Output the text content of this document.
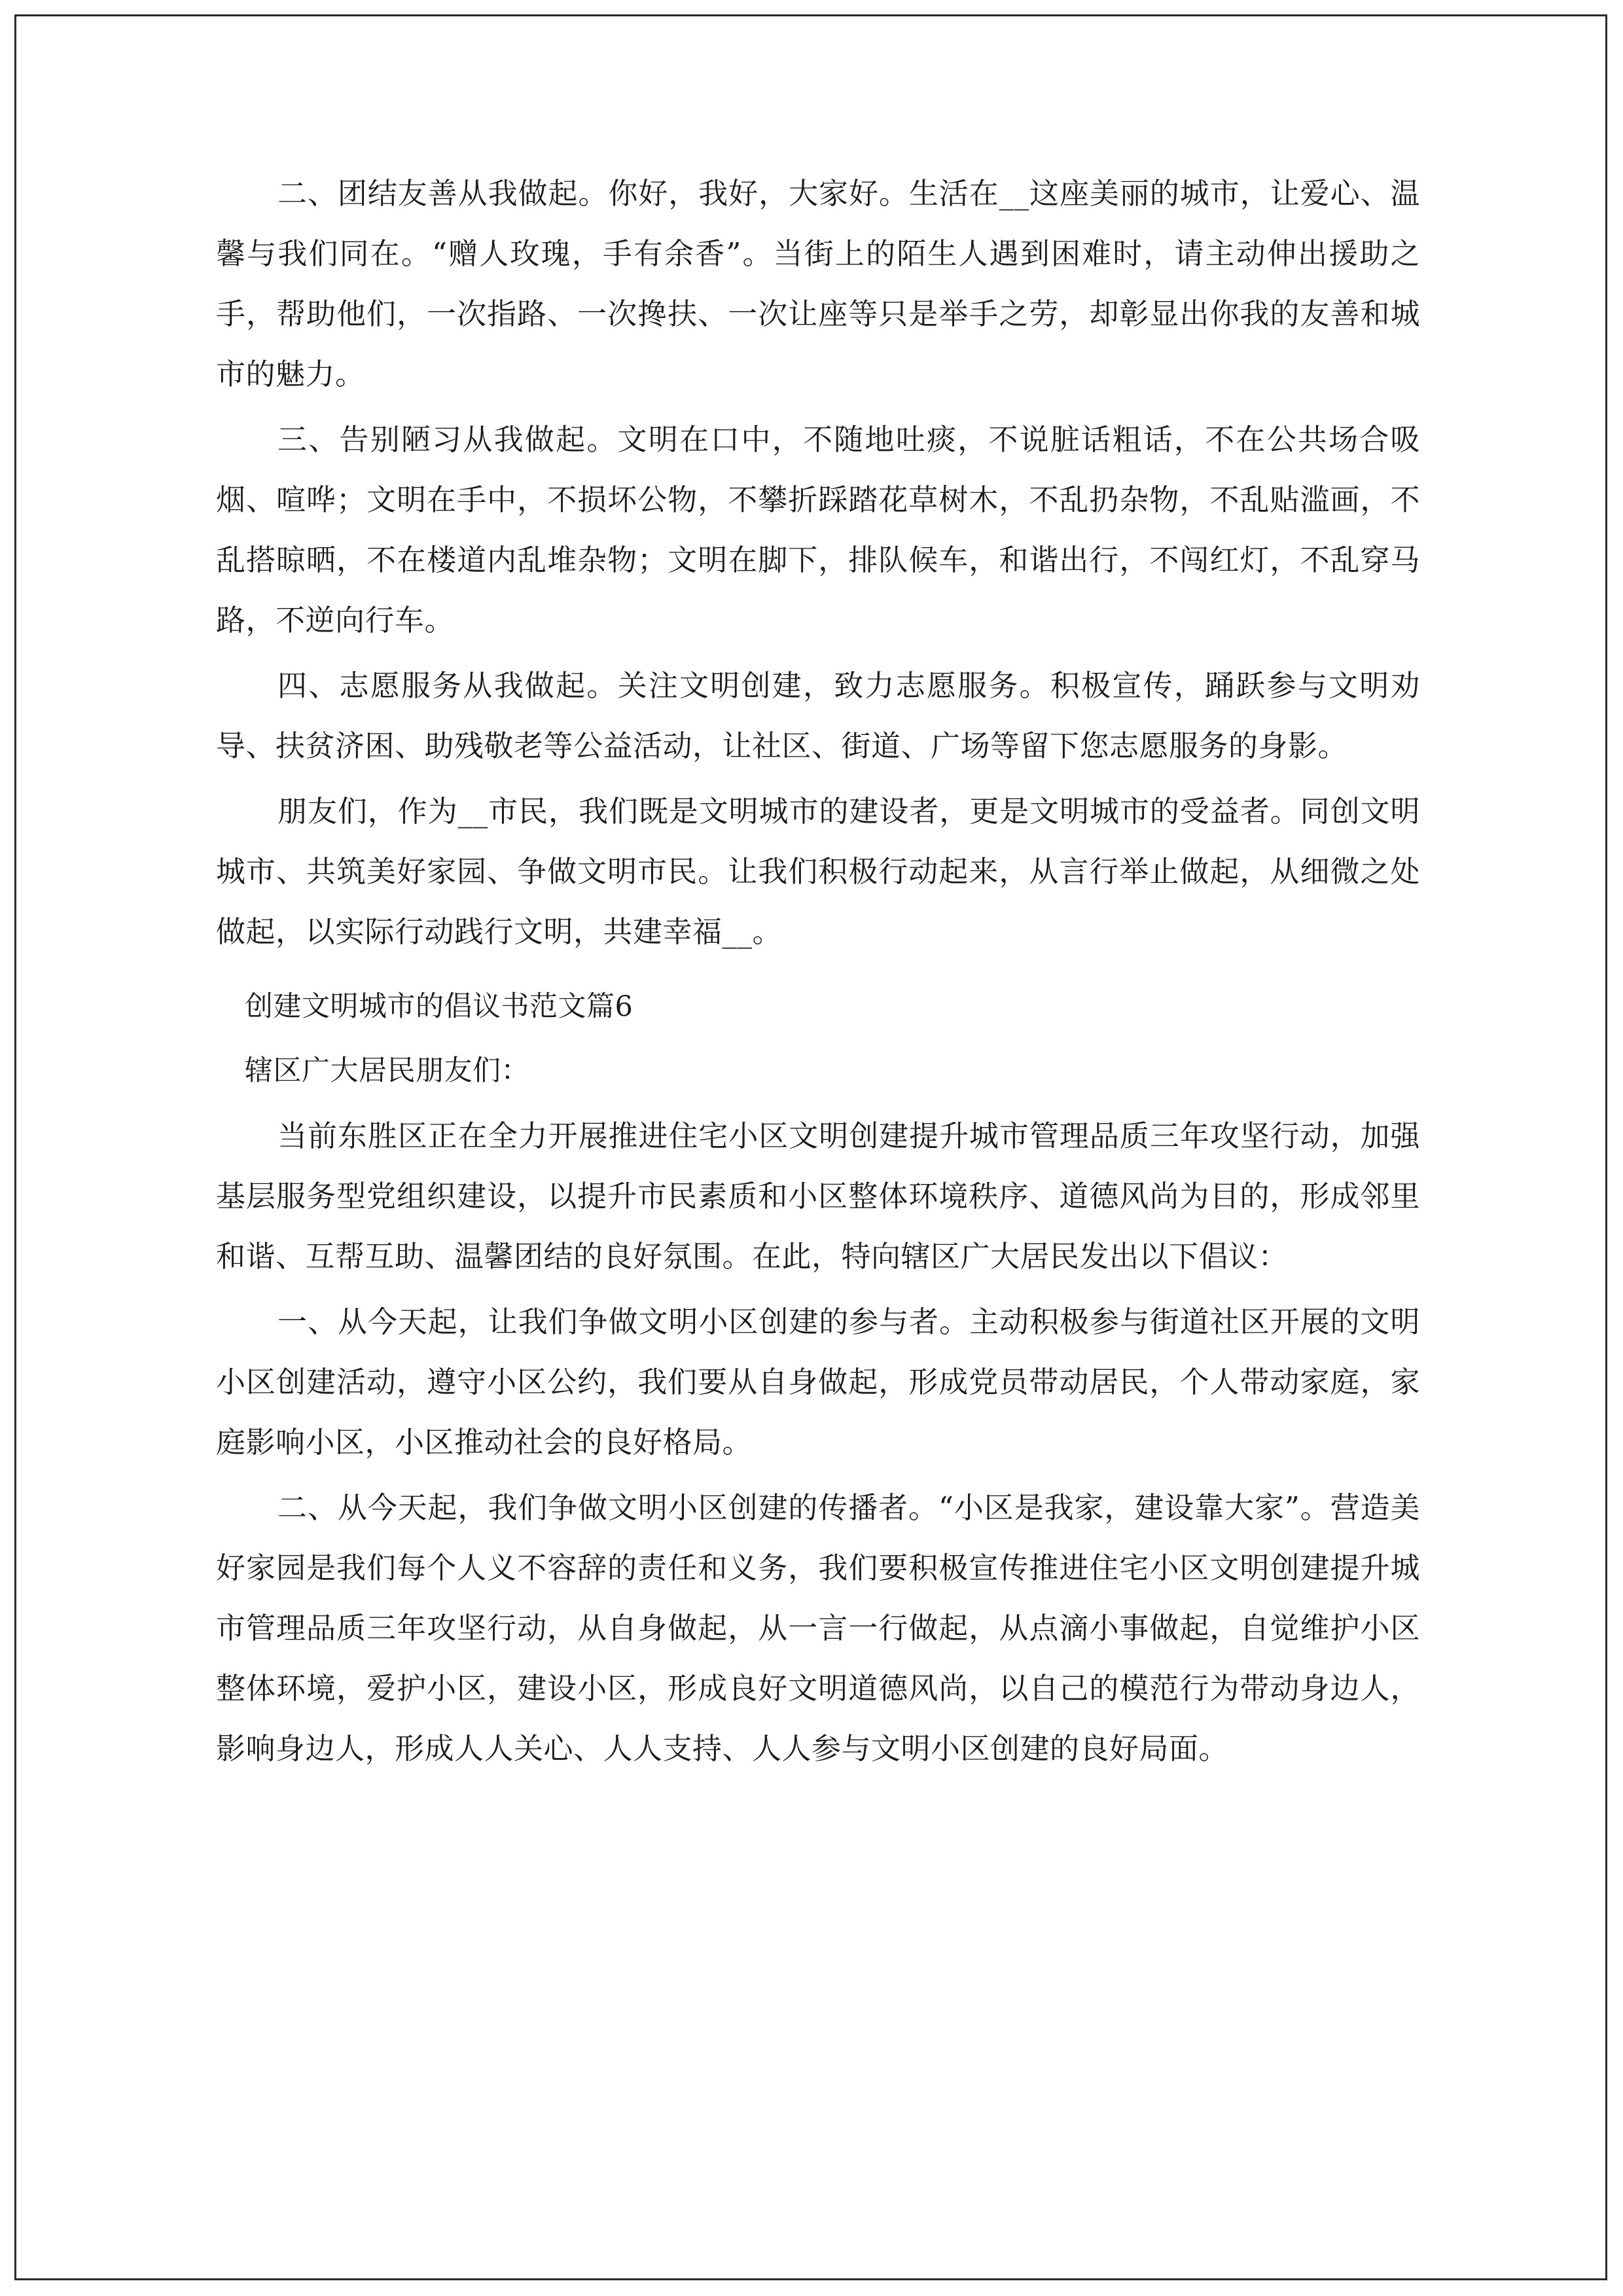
二、团结友善从我做起。你好，我好，大家好。生活在__这座美丽的城市，让爱心、温馨与我们同在。“赠人玫瑰，手有余香”。当街上的陌生人遇到困难时，请主动伸出援助之手，帮助他们，一次指路、一次搀扶、一次让座等只是举手之劳，却彰显出你我的友善和城市的魅力。

三、告别陋习从我做起。文明在口中，不随地吐痰，不说脏话粗话，不在公共场合吸烟、喧哗；文明在手中，不损坏公物，不攀折踩踏花草树木，不乱扔杂物，不乱贴滥画，不乱搭晾晒，不在楼道内乱堆杂物；文明在脚下，排队候车，和谐出行，不闯红灯，不乱穿马路，不逆向行车。

四、志愿服务从我做起。关注文明创建，致力志愿服务。积极宣传，踊跃参与文明劝导、扶贫济困、助残敬老等公益活动，让社区、街道、广场等留下您志愿服务的身影。

朋友们，作为__市民，我们既是文明城市的建设者，更是文明城市的受益者。同创文明城市、共筑美好家园、争做文明市民。让我们积极行动起来，从言行举止做起，从细微之处做起，以实际行动践行文明，共建幸福__。

创建文明城市的倡议书范文篇6

辖区广大居民朋友们：

当前东胜区正在全力开展推进住宅小区文明创建提升城市管理品质三年攻坚行动，加强基层服务型党组织建设，以提升市民素质和小区整体环境秩序、道德风尚为目的，形成邻里和谐、互帮互助、温馨团结的良好氛围。在此，特向辖区广大居民发出以下倡议：

一、从今天起，让我们争做文明小区创建的参与者。主动积极参与街道社区开展的文明小区创建活动，遵守小区公约，我们要从自身做起，形成党员带动居民，个人带动家庭，家庭影响小区，小区推动社会的良好格局。

二、从今天起，我们争做文明小区创建的传播者。“小区是我家，建设靠大家”。营造美好家园是我们每个人义不容辞的责任和义务，我们要积极宣传推进住宅小区文明创建提升城市管理品质三年攻坚行动，从自身做起，从一言一行做起，从点滴小事做起，自觉维护小区整体环境，爱护小区，建设小区，形成良好文明道德风尚，以自己的模范行为带动身边人，影响身边人，形成人人关心、人人支持、人人参与文明小区创建的良好局面。
